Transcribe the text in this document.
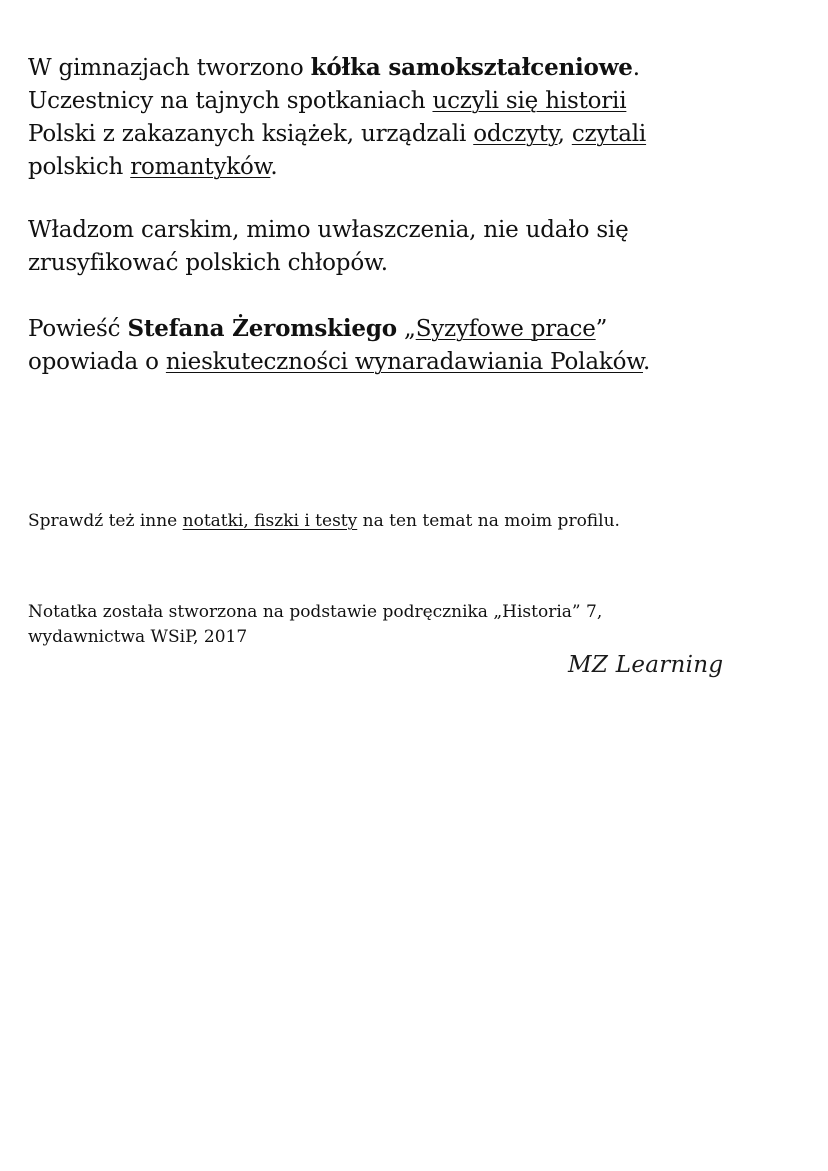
W gimnazjach tworzono kółka samokształceniowe.
Uczestnicy na tajnych spotkaniach uczyli się historii
Polski z zakazanych książek, urządzali odczyty, czytali
polskich romantyków.

Władzom carskim, mimo uwłaszczenia, nie udało się
zrusyfikować polskich chłopów.

Powieść Stefana Żeromskiego „Syzyfowe prace”
opowiada o nieskuteczności wynaradawiania Polaków.

Sprawdź też inne notatki, fiszki i testy na ten temat na moim profilu.

Notatka została stworzona na podstawie podręcznika „Historia” 7,
wydawnictwa WSiP, 2017

MZ Learning
